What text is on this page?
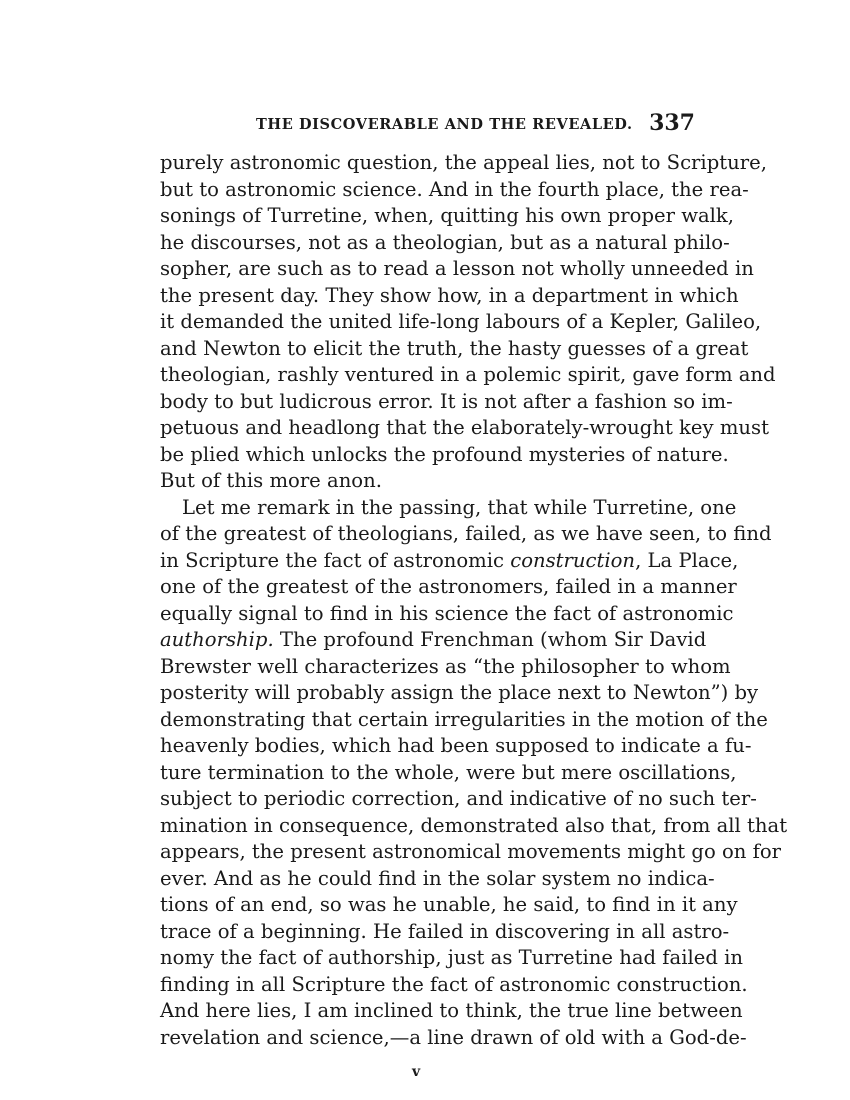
THE DISCOVERABLE AND THE REVEALED. 337
purely astronomic question, the appeal lies, not to Scripture,
but to astronomic science. And in the fourth place, the rea-
sonings of Turretine, when, quitting his own proper walk,
he discourses, not as a theologian, but as a natural philo-
sopher, are such as to read a lesson not wholly unneeded in
the present day. They show how, in a department in which
it demanded the united life-long labours of a Kepler, Galileo,
and Newton to elicit the truth, the hasty guesses of a great
theologian, rashly ventured in a polemic spirit, gave form and
body to but ludicrous error. It is not after a fashion so im-
petuous and headlong that the elaborately-wrought key must
be plied which unlocks the profound mysteries of nature.
But of this more anon.
Let me remark in the passing, that while Turretine, one
of the greatest of theologians, failed, as we have seen, to find
in Scripture the fact of astronomic construction, La Place,
one of the greatest of the astronomers, failed in a manner
equally signal to find in his science the fact of astronomic
authorship. The profound Frenchman (whom Sir David
Brewster well characterizes as “the philosopher to whom
posterity will probably assign the place next to Newton”) by
demonstrating that certain irregularities in the motion of the
heavenly bodies, which had been supposed to indicate a fu-
ture termination to the whole, were but mere oscillations,
subject to periodic correction, and indicative of no such ter-
mination in consequence, demonstrated also that, from all that
appears, the present astronomical movements might go on for
ever. And as he could find in the solar system no indica-
tions of an end, so was he unable, he said, to find in it any
trace of a beginning. He failed in discovering in all astro-
nomy the fact of authorship, just as Turretine had failed in
finding in all Scripture the fact of astronomic construction.
And here lies, I am inclined to think, the true line between
revelation and science,—a line drawn of old with a God-de-
v
